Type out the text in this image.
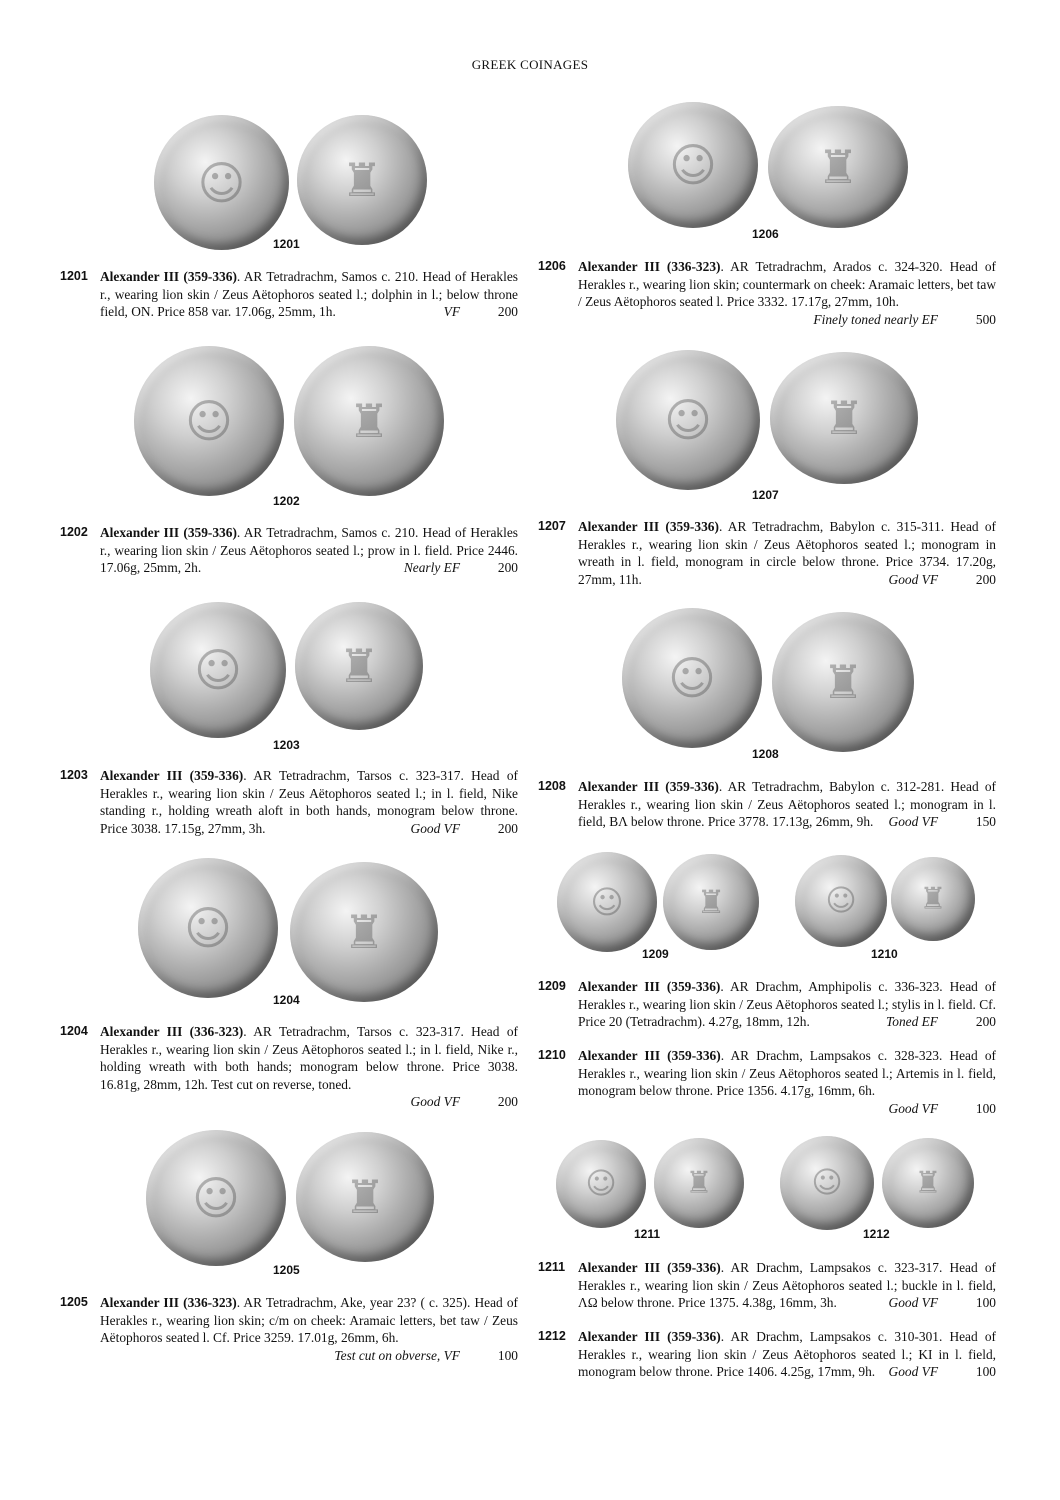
GREEK COINAGES
☺ ♜
1201
1201 Alexander III (359-336). AR Tetradrachm, Samos c. 210. Head of Herakles r., wearing lion skin / Zeus Aëtophoros seated l.; dolphin in l.; below throne field, ON. Price 858 var. 17.06g, 25mm, 1h.	VF	200
☺	♜
1202
1202 Alexander III (359-336). AR Tetradrachm, Samos c. 210. Head of Herakles r., wearing lion skin / Zeus Aëtophoros seated l.; prow in l. field. Price 2446. 17.06g, 25mm, 2h.	Nearly EF	200
☺ ♜
1203
1203 Alexander III (359-336). AR Tetradrachm, Tarsos c. 323-317. Head of Herakles r., wearing lion skin / Zeus Aëtophoros seated l.; in l. field, Nike standing r., holding wreath aloft in both hands, monogram below throne. Price 3038. 17.15g, 27mm, 3h.	Good VF	200
☺ ♜
1204
1204 Alexander III (336-323). AR Tetradrachm, Tarsos c. 323-317. Head of Herakles r., wearing lion skin / Zeus Aëtophoros seated l.; in l. field, Nike r., holding wreath with both hands; monogram below throne. Price 3038. 16.81g, 28mm, 12h. Test cut on reverse, toned.
Good VF	200
☺ ♜
1205
1205 Alexander III (336-323). AR Tetradrachm, Ake, year 23? ( c. 325). Head of Herakles r., wearing lion skin; c/m on cheek: Aramaic letters, bet taw / Zeus Aëtophoros seated l. Cf. Price 3259. 17.01g, 26mm, 6h.
Test cut on obverse, VF	100
☺ ♜
1206
1206 Alexander III (336-323). AR Tetradrachm, Arados c. 324-320. Head of Herakles r., wearing lion skin; countermark on cheek: Aramaic letters, bet taw / Zeus Aëtophoros seated l. Price 3332. 17.17g, 27mm, 10h.
Finely toned nearly EF	500
☺ ♜
1207
1207 Alexander III (359-336). AR Tetradrachm, Babylon c. 315-311. Head of Herakles r., wearing lion skin / Zeus Aëtophoros seated l.; monogram in wreath in l. field, monogram in circle below throne. Price 3734. 17.20g, 27mm, 11h.	Good VF	200
☺ ♜
1208
1208 Alexander III (359-336). AR Tetradrachm, Babylon c. 312-281. Head of Herakles r., wearing lion skin / Zeus Aëtophoros seated l.; monogram in l. field, BΛ below throne. Price 3778. 17.13g, 26mm, 9h. Good VF	150
☺ ♜
1209
☺ ♜
1210
1209 Alexander III (359-336). AR Drachm, Amphipolis c. 336-323. Head of Herakles r., wearing lion skin / Zeus Aëtophoros seated l.; stylis in l. field. Cf. Price 20 (Tetradrachm). 4.27g, 18mm, 12h.	Toned EF	200
1210 Alexander III (359-336). AR Drachm, Lampsakos c. 328-323. Head of Herakles r., wearing lion skin / Zeus Aëtophoros seated l.; Artemis in l. field, monogram below throne. Price 1356. 4.17g, 16mm, 6h.
Good VF	100
☺ ♜
1211
☺ ♜
1212
1211 Alexander III (359-336). AR Drachm, Lampsakos c. 323-317. Head of Herakles r., wearing lion skin / Zeus Aëtophoros seated l.; buckle in l. field, ΛΩ below throne. Price 1375. 4.38g, 16mm, 3h.	Good VF	100
1212 Alexander III (359-336). AR Drachm, Lampsakos c. 310-301. Head of Herakles r., wearing lion skin / Zeus Aëtophoros seated l.; KI in l. field, monogram below throne. Price 1406. 4.25g, 17mm, 9h. Good VF	100
